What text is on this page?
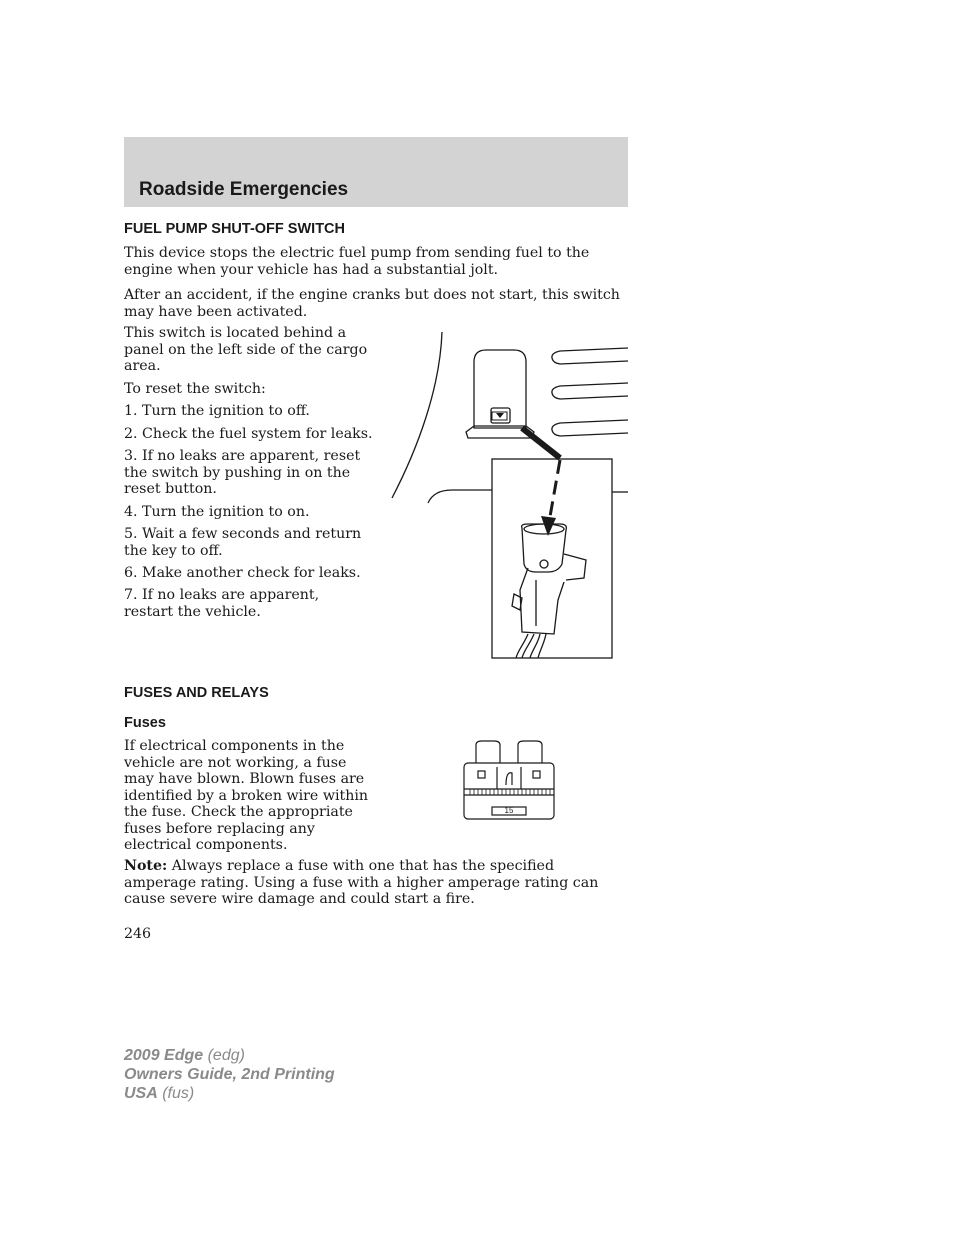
Roadside Emergencies
FUEL PUMP SHUT-OFF SWITCH

This device stops the electric fuel pump from sending fuel to the engine when your vehicle has had a substantial jolt.

After an accident, if the engine cranks but does not start, this switch may have been activated.

This switch is located behind a panel on the left side of the cargo area.

To reset the switch:

1. Turn the ignition to off.

2. Check the fuel system for leaks.

3. If no leaks are apparent, reset the switch by pushing in on the reset button.

4. Turn the ignition to on.

5. Wait a few seconds and return the key to off.

6. Make another check for leaks.

7. If no leaks are apparent, restart the vehicle.

FUSES AND RELAYS
Fuses

If electrical components in the vehicle are not working, a fuse may have blown. Blown fuses are identified by a broken wire within the fuse. Check the appropriate fuses before replacing any electrical components.

15

Note: Always replace a fuse with one that has the specified amperage rating. Using a fuse with a higher amperage rating can cause severe wire damage and could start a fire.

246

2009 Edge (edg)
Owners Guide, 2nd Printing
USA (fus)
